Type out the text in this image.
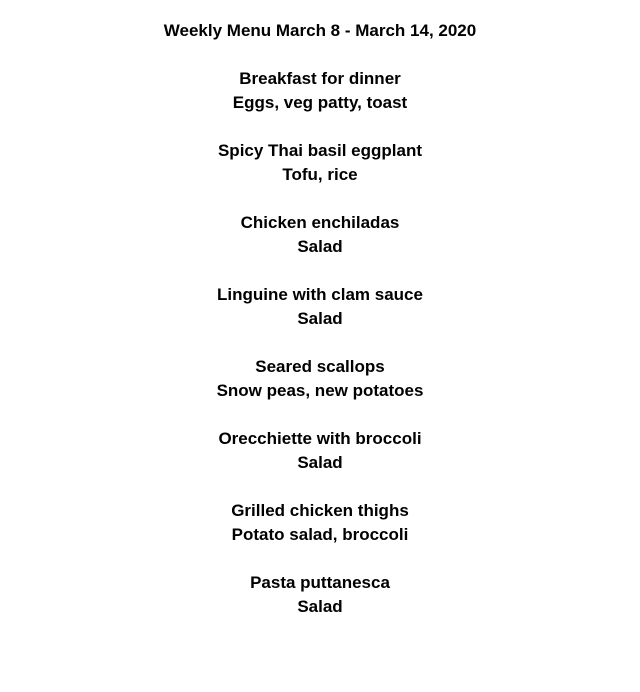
Weekly Menu March 8 - March 14, 2020
Breakfast for dinner
Eggs, veg patty, toast
Spicy Thai basil eggplant
Tofu, rice
Chicken enchiladas
Salad
Linguine with clam sauce
Salad
Seared scallops
Snow peas, new potatoes
Orecchiette with broccoli
Salad
Grilled chicken thighs
Potato salad, broccoli
Pasta puttanesca
Salad
